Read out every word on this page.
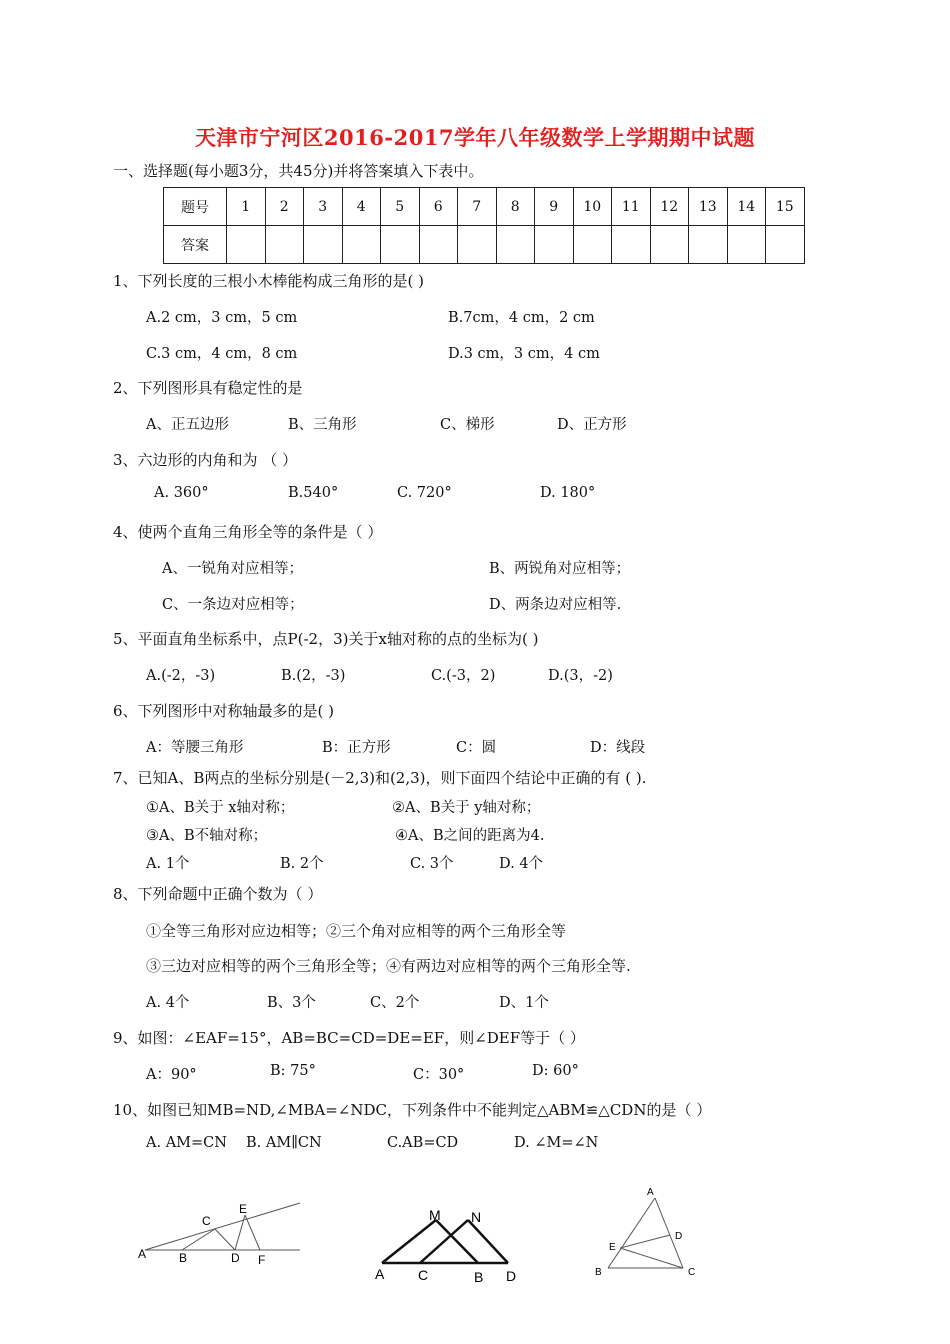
天津市宁河区2016-2017学年八年级数学上学期期中试题
一、选择题(每小题3分，共45分)并将答案填入下表中。
题号	1	2	3	4	5	6	7	8	9	10	11	12	13	14	15
答案															
1、下列长度的三根小木棒能构成三角形的是( )
A.2 cm，3 cm，5 cm	B.7cm，4 cm，2 cm
C.3 cm，4 cm，8 cm	D.3 cm，3 cm，4 cm
2、下列图形具有稳定性的是
A、正五边形	B、三角形	C、梯形	D、正方形
3、六边形的内角和为 （ ）
A. 360°	B.540°	C. 720°	D. 180°
4、使两个直角三角形全等的条件是（ ）
A、一锐角对应相等；	B、两锐角对应相等；
C、一条边对应相等；	D、两条边对应相等.
5、平面直角坐标系中，点P(-2，3)关于x轴对称的点的坐标为( )
A.(-2，-3)	B.(2，-3)	C.(-3，2)	D.(3，-2)
6、下列图形中对称轴最多的是( )
A：等腰三角形	B：正方形	C：圆	D：线段
7、已知A、B两点的坐标分别是(－2,3)和(2,3)，则下面四个结论中正确的有 ( ).
①A、B关于 x轴对称；	②A、B关于 y轴对称；
③A、B不轴对称；	④A、B之间的距离为4.
A. 1个	B. 2个	C. 3个	D. 4个
8、下列命题中正确个数为（ ）
①全等三角形对应边相等；②三个角对应相等的两个三角形全等
③三边对应相等的两个三角形全等；④有两边对应相等的两个三角形全等.
A. 4个	B、3个	C、2个	D、1个
9、如图：∠EAF=15°，AB=BC=CD=DE=EF，则∠DEF等于（ ）
A：90°	B: 75°	C：30°	D: 60°
10、如图已知MB=ND,∠MBA=∠NDC，下列条件中不能判定△ABM≌△CDN的是（ ）
A. AM=CN B. AM∥CN	C.AB=CD	D. ∠M=∠N
A	B
C
D
E
F
A C	B D
M N
A
B	C
D
E
